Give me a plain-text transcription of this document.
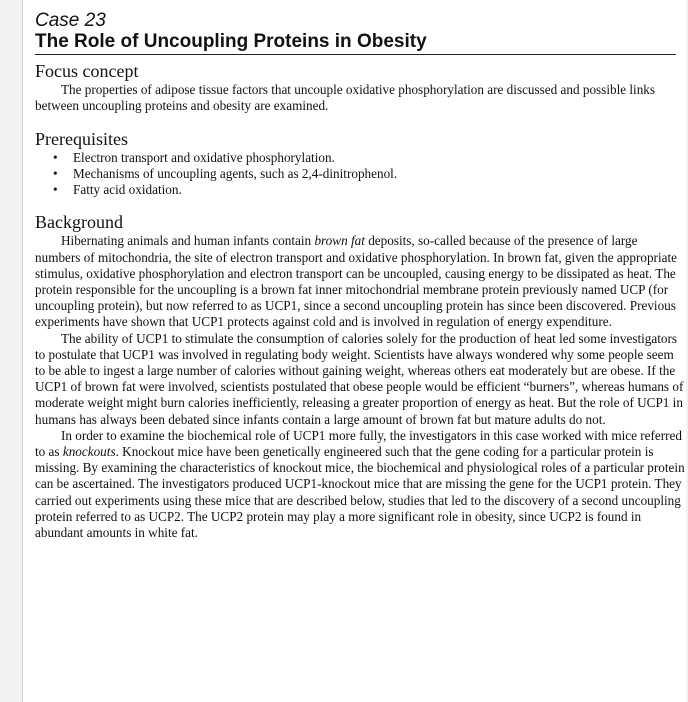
Case 23
The Role of Uncoupling Proteins in Obesity
Focus concept

The properties of adipose tissue factors that uncouple oxidative phosphorylation are discussed and possible links between uncoupling proteins and obesity are examined.

Prerequisites
• Electron transport and oxidative phosphorylation.
• Mechanisms of uncoupling agents, such as 2,4-dinitrophenol.
• Fatty acid oxidation.
Background

Hibernating animals and human infants contain brown fat deposits, so-called because of the presence of large numbers of mitochondria, the site of electron transport and oxidative phosphorylation. In brown fat, given the appropriate stimulus, oxidative phosphorylation and electron transport can be uncoupled, causing energy to be dissipated as heat. The protein responsible for the uncoupling is a brown fat inner mitochondrial membrane protein previously named UCP (for uncoupling protein), but now referred to as UCP1, since a second uncoupling protein has since been discovered. Previous experiments have shown that UCP1 protects against cold and is involved in regulation of energy expenditure.

The ability of UCP1 to stimulate the consumption of calories solely for the production of heat led some investigators to postulate that UCP1 was involved in regulating body weight. Scientists have always wondered why some people seem to be able to ingest a large number of calories without gaining weight, whereas others eat moderately but are obese. If the UCP1 of brown fat were involved, scientists postulated that obese people would be efficient “burners”, whereas humans of moderate weight might burn calories inefficiently, releasing a greater proportion of energy as heat. But the role of UCP1 in humans has always been debated since infants contain a large amount of brown fat but mature adults do not.

In order to examine the biochemical role of UCP1 more fully, the investigators in this case worked with mice referred to as knockouts. Knockout mice have been genetically engineered such that the gene coding for a particular protein is missing. By examining the characteristics of knockout mice, the biochemical and physiological roles of a particular protein can be ascertained. The investigators produced UCP1-knockout mice that are missing the gene for the UCP1 protein. They carried out experiments using these mice that are described below, studies that led to the discovery of a second uncoupling protein referred to as UCP2. The UCP2 protein may play a more significant role in obesity, since UCP2 is found in abundant amounts in white fat.
